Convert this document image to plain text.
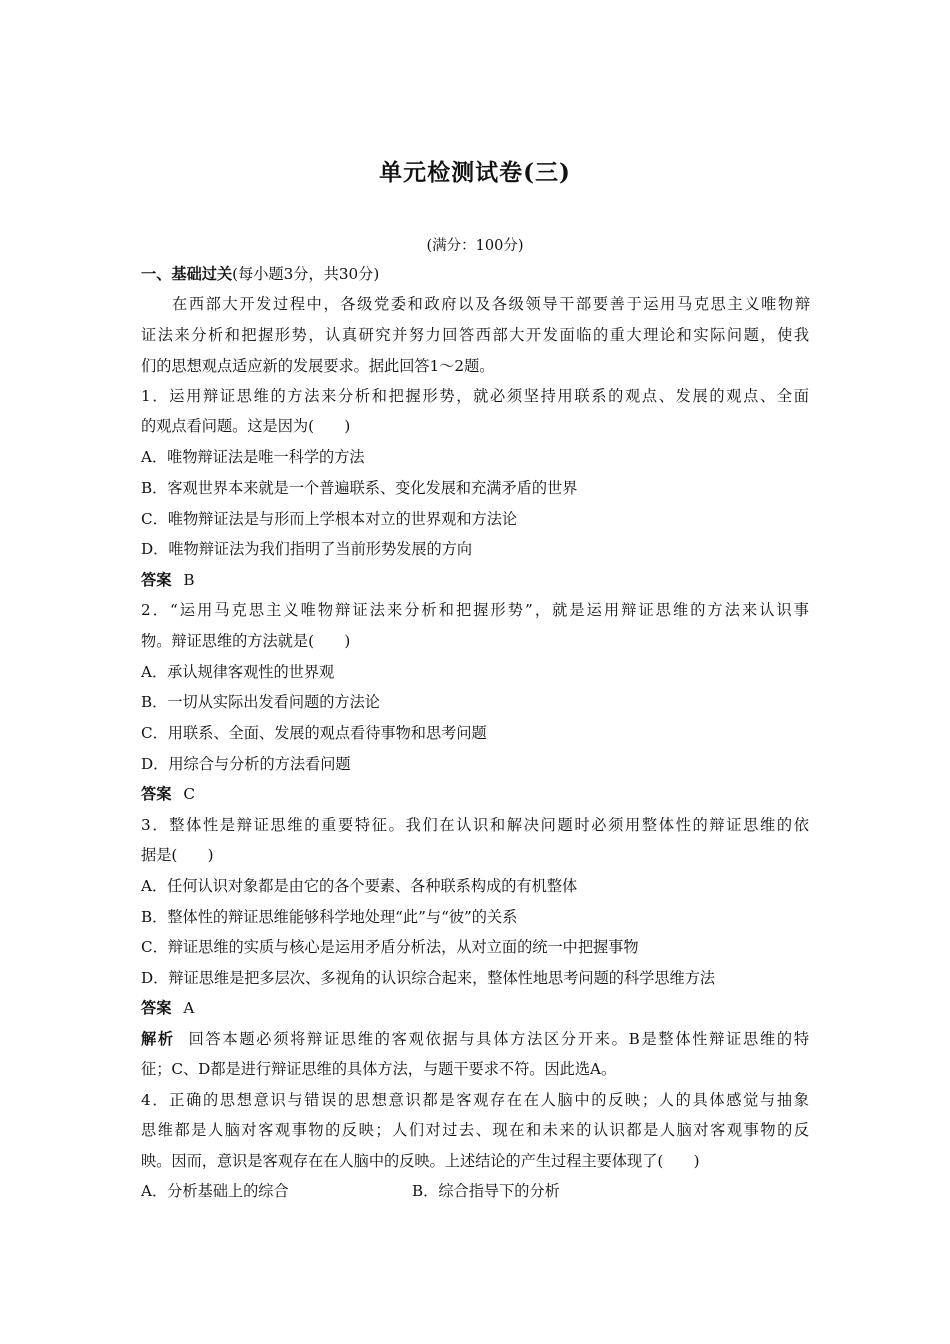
单元检测试卷(三)
(满分：100分)
一、基础过关(每小题3分，共30分)
在西部大开发过程中，各级党委和政府以及各级领导干部要善于运用马克思主义唯物辩
证法来分析和把握形势，认真研究并努力回答西部大开发面临的重大理论和实际问题，使我
们的思想观点适应新的发展要求。据此回答1～2题。
1．运用辩证思维的方法来分析和把握形势，就必须坚持用联系的观点、发展的观点、全面
的观点看问题。这是因为(　　)
A．唯物辩证法是唯一科学的方法
B．客观世界本来就是一个普遍联系、变化发展和充满矛盾的世界
C．唯物辩证法是与形而上学根本对立的世界观和方法论
D．唯物辩证法为我们指明了当前形势发展的方向
答案 B
2．“运用马克思主义唯物辩证法来分析和把握形势”，就是运用辩证思维的方法来认识事
物。辩证思维的方法就是(　　)
A．承认规律客观性的世界观
B．一切从实际出发看问题的方法论
C．用联系、全面、发展的观点看待事物和思考问题
D．用综合与分析的方法看问题
答案 C
3．整体性是辩证思维的重要特征。我们在认识和解决问题时必须用整体性的辩证思维的依
据是(　　)
A．任何认识对象都是由它的各个要素、各种联系构成的有机整体
B．整体性的辩证思维能够科学地处理“此”与“彼”的关系
C．辩证思维的实质与核心是运用矛盾分析法，从对立面的统一中把握事物
D．辩证思维是把多层次、多视角的认识综合起来，整体性地思考问题的科学思维方法
答案 A
解析 回答本题必须将辩证思维的客观依据与具体方法区分开来。B是整体性辩证思维的特
征；C、D都是进行辩证思维的具体方法，与题干要求不符。因此选A。
4．正确的思想意识与错误的思想意识都是客观存在在人脑中的反映；人的具体感觉与抽象
思维都是人脑对客观事物的反映；人们对过去、现在和未来的认识都是人脑对客观事物的反
映。因而，意识是客观存在在人脑中的反映。上述结论的产生过程主要体现了(　　)
A．分析基础上的综合	B．综合指导下的分析
